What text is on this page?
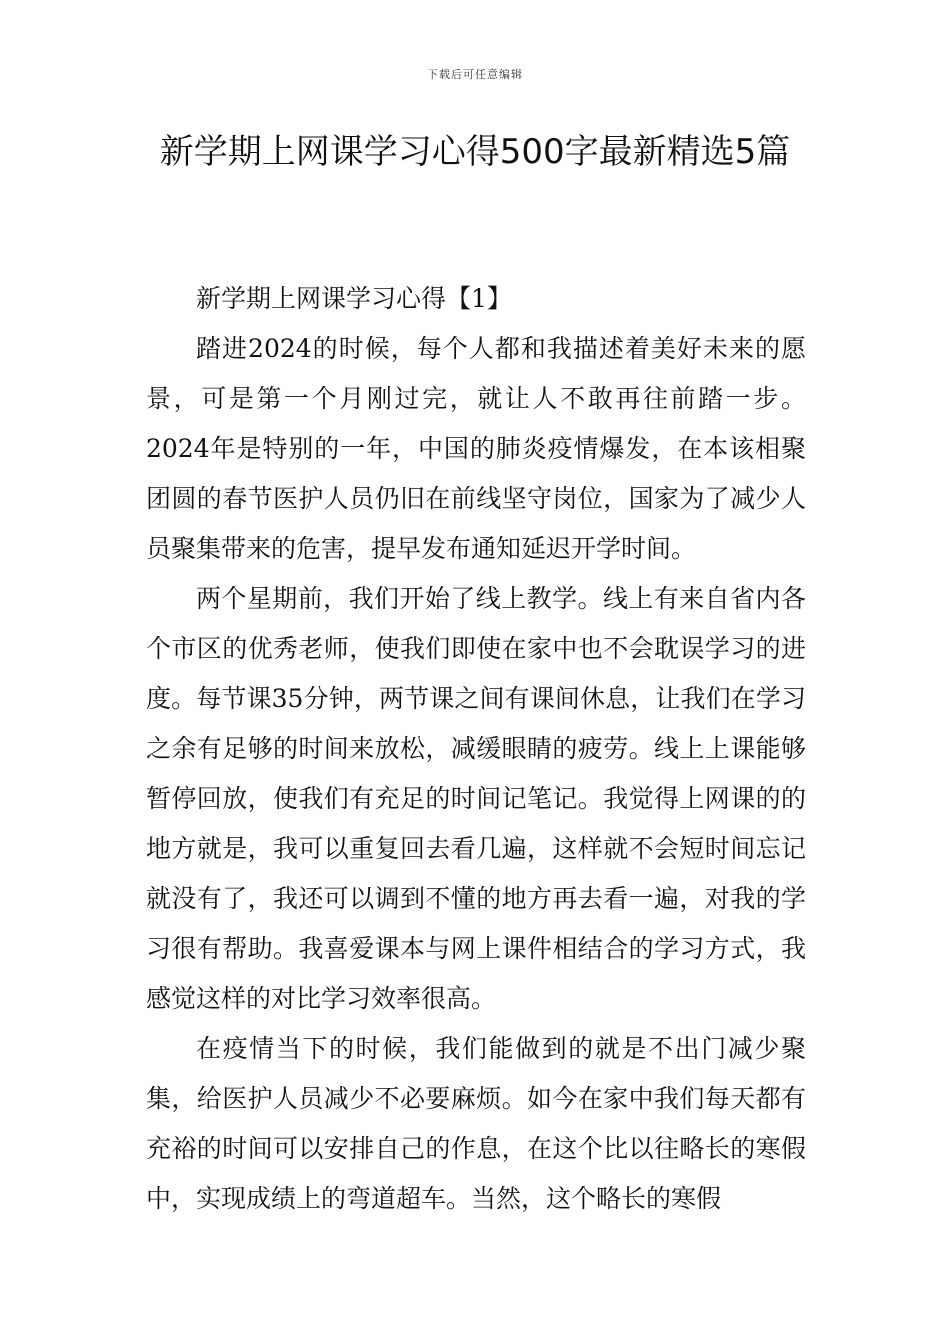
下载后可任意编辑
新学期上网课学习心得500字最新精选5篇

新学期上网课学习心得【1】

踏进2024的时候，每个人都和我描述着美好未来的愿景，可是第一个月刚过完，就让人不敢再往前踏一步。2024年是特别的一年，中国的肺炎疫情爆发，在本该相聚团圆的春节医护人员仍旧在前线坚守岗位，国家为了减少人员聚集带来的危害，提早发布通知延迟开学时间。

两个星期前，我们开始了线上教学。线上有来自省内各个市区的优秀老师，使我们即使在家中也不会耽误学习的进度。每节课35分钟，两节课之间有课间休息，让我们在学习之余有足够的时间来放松，减缓眼睛的疲劳。线上上课能够暂停回放，使我们有充足的时间记笔记。我觉得上网课的的地方就是，我可以重复回去看几遍，这样就不会短时间忘记就没有了，我还可以调到不懂的地方再去看一遍，对我的学习很有帮助。我喜爱课本与网上课件相结合的学习方式，我感觉这样的对比学习效率很高。

在疫情当下的时候，我们能做到的就是不出门减少聚集，给医护人员减少不必要麻烦。如今在家中我们每天都有充裕的时间可以安排自己的作息，在这个比以往略长的寒假中，实现成绩上的弯道超车。当然，这个略长的寒假
